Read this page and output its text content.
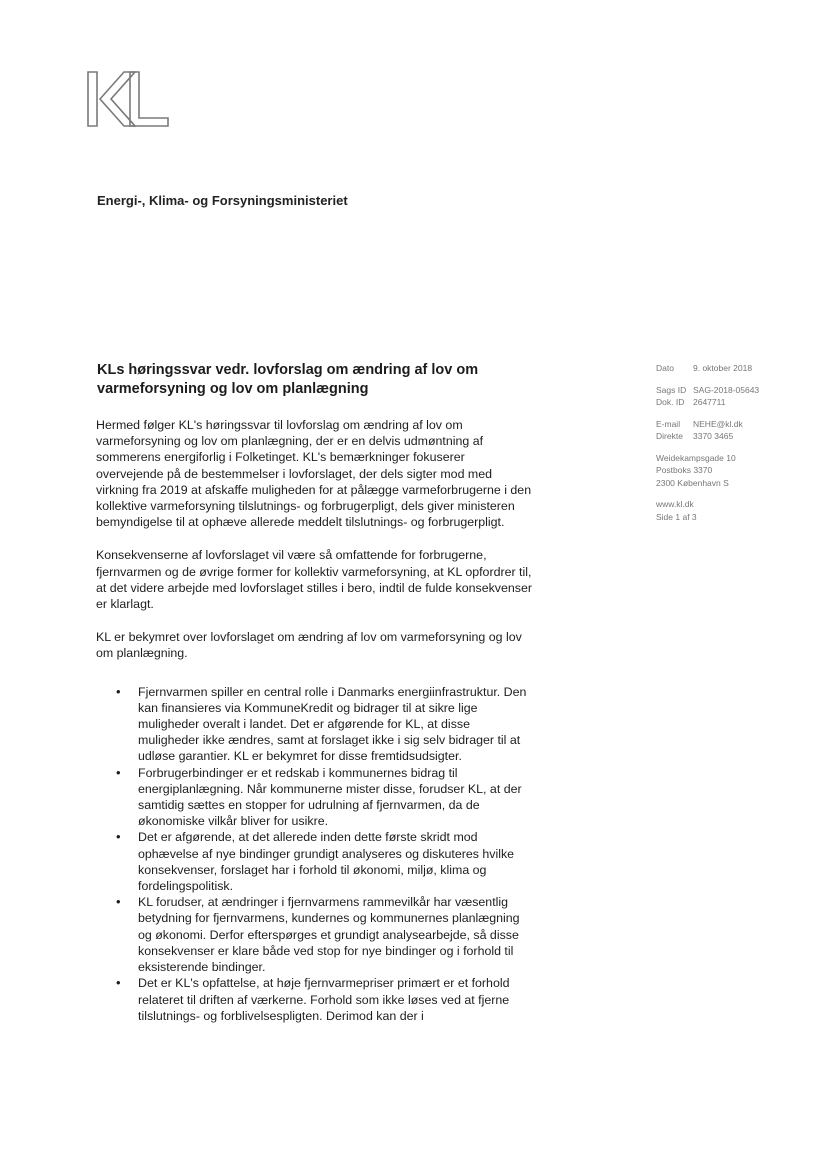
Energi-, Klima- og Forsyningsministeriet
KLs høringssvar vedr. lovforslag om ændring af lov om varmeforsyning og lov om planlægning
Dato	9. oktober 2018
Sags ID SAG-2018-05643
Dok. ID	2647711
E-mail	NEHE@kl.dk
Direkte	3370 3465
Weidekampsgade 10
Postboks 3370
2300 København S
www.kl.dk
Side 1 af 3

Hermed følger KL's høringssvar til lovforslag om ændring af lov om varmeforsyning og lov om planlægning, der er en delvis udmøntning af sommerens energiforlig i Folketinget. KL's bemærkninger fokuserer overvejende på de bestemmelser i lovforslaget, der dels sigter mod med virkning fra 2019 at afskaffe muligheden for at pålægge varmeforbrugerne i den kollektive varmeforsyning tilslutnings- og forbrugerpligt, dels giver ministeren bemyndigelse til at ophæve allerede meddelt tilslutnings- og forbrugerpligt.

Konsekvenserne af lovforslaget vil være så omfattende for forbrugerne, fjernvarmen og de øvrige former for kollektiv varmeforsyning, at KL opfordrer til, at det videre arbejde med lovforslaget stilles i bero, indtil de fulde konsekvenser er klarlagt.

KL er bekymret over lovforslaget om ændring af lov om varmeforsyning og lov om planlægning.

• Fjernvarmen spiller en central rolle i Danmarks energiinfrastruktur. Den kan finansieres via KommuneKredit og bidrager til at sikre lige muligheder overalt i landet. Det er afgørende for KL, at disse muligheder ikke ændres, samt at forslaget ikke i sig selv bidrager til at udløse garantier. KL er bekymret for disse fremtidsudsigter.
• Forbrugerbindinger er et redskab i kommunernes bidrag til energiplanlægning. Når kommunerne mister disse, forudser KL, at der samtidig sættes en stopper for udrulning af fjernvarmen, da de økonomiske vilkår bliver for usikre.
• Det er afgørende, at det allerede inden dette første skridt mod ophævelse af nye bindinger grundigt analyseres og diskuteres hvilke konsekvenser, forslaget har i forhold til økonomi, miljø, klima og fordelingspolitisk.
• KL forudser, at ændringer i fjernvarmens rammevilkår har væsentlig betydning for fjernvarmens, kundernes og kommunernes planlægning og økonomi. Derfor efterspørges et grundigt analysearbejde, så disse konsekvenser er klare både ved stop for nye bindinger og i forhold til eksisterende bindinger.
• Det er KL's opfattelse, at høje fjernvarmepriser primært er et forhold relateret til driften af værkerne. Forhold som ikke løses ved at fjerne tilslutnings- og forblivelsespligten. Derimod kan der i
